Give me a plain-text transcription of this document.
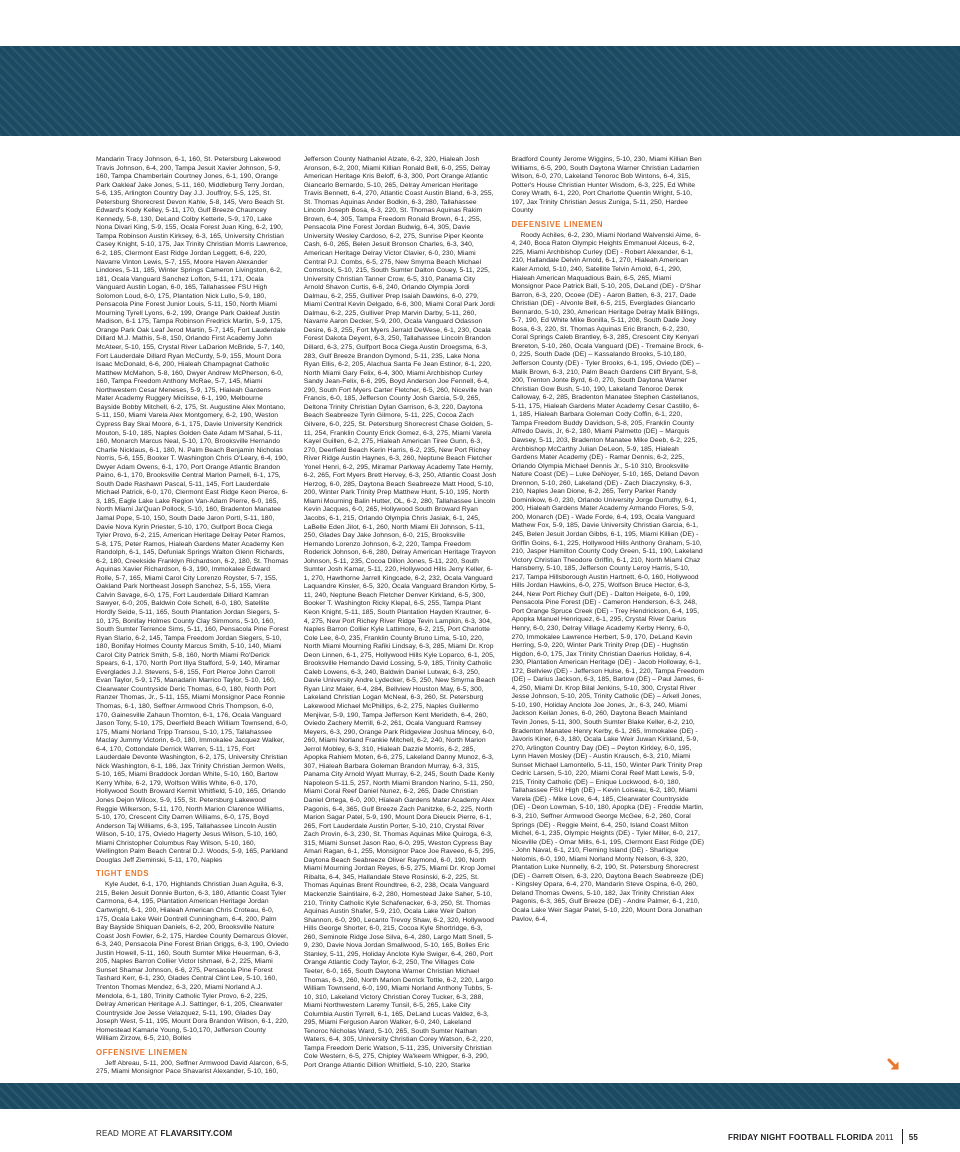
Mandarin Tracy Johnson, 6-1, 160, St. Petersburg Lakewood Travis Johnson, 6-4, 200, Tampa Jesuit Xavier Johnson, 5-9, 160, Tampa Chamberlain Courtney Jones, 6-1, 190, Orange Park Oakleaf Jake Jones, 5-11, 160, Middleburg Terry Jordan, 5-6, 135, Arlington Country Day J.J. Jouffroy, 5-5, 125, St. Petersburg Shorecrest Devon Kahle, 5-8, 145, Vero Beach St. Edward's Kody Kelley, 5-11, 170, Gulf Breeze Chauncey Kennedy, 5-8, 130, DeLand Colby Ketterle, 5-9, 170, Lake Nona Divari King, 5-9, 155, Ocala Forest Juan King, 6-2, 190, Tampa Robinson Austin Kirksey, 6-3, 165, University Christian Casey Knight, 5-10, 175, Jax Trinity Christian Morris Lawrence, 6-2, 185, Clermont East Ridge Jordan Leggett, 6-6, 220, Navarre Vinton Lewis, 5-7, 155, Moore Haven Alexander Lindores, 5-11, 185, Winter Springs Cameron Livingston, 6-2, 181, Ocala Vanguard Sanchez Lofton, 5-11, 171, Ocala Vanguard Austin Logan, 6-0, 165, Tallahassee FSU High Solomon Loud, 6-0, 175, Plantation Nick Lullo, 5-9, 180, Pensacola Pine Forest Junior Louis, 5-11, 150, North Miami Mourning Tyrell Lyons, 6-2, 199, Orange Park Oakleaf Justin Madison, 6-1 175, Tampa Robinson Fredrick Martin, 5-9, 175, Orange Park Oak Leaf Jerod Martin, 5-7, 145, Fort Lauderdale Dillard M.J. Mathis, 5-8, 150, Orlando First Academy John McAteer, 5-10, 155, Crystal River LaDarion McBride, 5-7, 140, Fort Lauderdale Dillard Ryan McCurdy, 5-9, 155, Mount Dora Isaac McDonald, 6-6, 200, Hialeah Champagnat Catholic Matthew McMahon, 5-8, 160, Dwyer Andrew McPherson, 6-0, 160, Tampa Freedom Anthony McRae, 5-7, 145, Miami Northwestern Cesar Meneses, 5-9, 175, Hialeah Gardens Mater Academy Ruggery Micilsse, 6-1, 190, Melbourne Bayside Bobby Mitchell, 6-2, 175, St. Augustine Alex Montano, 5-11, 150, Miami Varela Alex Montgomery, 6-2, 190, Weston Cypress Bay Skai Moore, 6-1, 175, Davie University Kendrick Mouton, 5-10, 185, Naples Golden Gate Adam M'Sahal, 5-11, 160, Monarch Marcus Neal, 5-10, 170, Brooksville Hernando Charlie Nicklaus, 6-1, 180, N. Palm Beach Benjamin Nicholas Norris, 5-6, 155, Booker T. Washington Chris O'Leary, 6-4, 190, Dwyer Adam Owens, 6-1, 170, Port Orange Atlantic Brandon Paino, 6-1, 170, Brooksville Central Marlon Parnell, 6-1, 175, South Dade Rashawn Pascal, 5-11, 145, Fort Lauderdale Michael Patrick, 6-0, 170, Clermont East Ridge Keon Pierce, 6-3, 185, Eagle Lake Lake Region Van-Adam Pierre, 6-0, 165, North Miami Ja'Quan Pollock, 5-10, 160, Bradenton Manatee Jamal Pope, 5-10, 150, South Dade Jaron Portl, 5-11, 180, Davie Nova Kyrin Priester, 5-10, 170, Gulfport Boca Ciega Tyler Provo, 6-2, 215, American Heritage Delray Peter Ramos, 5-8, 175, Peter Ramos, Hialeah Gardens Mater Academy Ken Randolph, 6-1, 145, Defuniak Springs Walton Glenn Richards, 6-2, 180, Creekside Franklyn Richardson, 6-2, 180, St. Thomas Aquinas Xavier Richardson, 6-3, 190, Immokalee Edward Rolle, 5-7, 165, Miami Carol City Lorenzo Royster, 5-7, 155, Oakland Park Northeast Joseph Sanchez, 5-5, 155, Viera Calvin Savage, 6-0, 175, Fort Lauderdale Dillard Kamran Sawyer, 6-0, 205, Baldwin Cole Schell, 6-0, 180, Satellite Hordly Seide, 5-11, 165, South Plantation Jordan Siegers, 5-10, 175, Bonifay Holmes County Clay Simmons, 5-10, 160, South Sumter Terrence Sims, 5-11, 160, Pensacola Pine Forest Ryan Slario, 6-2, 145, Tampa Freedom Jordan Siegers, 5-10, 180, Bonifay Holmes County Marcus Smith, 5-10, 140, Miami Carol City Patrick Smith, 5-8, 160, North Miami Ro'Derick Spears, 6-1, 170, North Port Illya Stafford, 5-9, 140, Miramar Everglades J.J. Stevens, 5-6, 155, Fort Pierce John Carroll Evan Taylor, 5-9, 175, Manadarin Marrico Taylor, 5-10, 160, Clearwater Countryside Deric Thomas, 6-0, 180, North Port Ranzer Thomas, Jr., 5-11, 155, Miami Monsignor Pace Ronnie Thomas, 6-1, 180, Seffner Armwood Chris Thompson, 6-0, 170, Gainesville Zahaun Thornton, 6-1, 176, Ocala Vanguard Jason Tony, 5-10, 175, Deerfield Beach William Townsend, 6-0, 175, Miami Norland Tripp Transou, 5-10, 175, Tallahassee Maclay Jummy Victorin, 6-0, 180, Immokalee Jacquez Walker, 6-4, 170, Cottondale Derrick Warren, 5-11, 175, Fort Lauderdale Devonte Washington, 6-2, 175, University Christian Nick Washington, 6-1, 186, Jax Trinity Christian Jermon Wells, 5-10, 165, Miami Braddock Jordan White, 5-10, 160, Bartow Kerry White, 6-2, 179, Wolfson Willis White, 6-0, 170, Hollywood South Broward Kermit Whitfield, 5-10, 165, Orlando Jones Dejon Wilcox, 5-9, 155, St. Petersburg Lakewood Reggie Wilkerson, 5-11, 170, North Marion Clarence Williams, 5-10, 170, Crescent City Darren Williams, 6-0, 175, Boyd Anderson Taj Williams, 6-3, 195, Tallahassee Lincoln Austin Wilson, 5-10, 175, Oviedo Hagerty Jesus Wilson, 5-10, 160, Miami Christopher Columbus Ray Wilson, 5-10, 160, Wellington Palm Beach Central D.J. Woods, 5-9, 165, Parkland Douglas Jeff Zieminski, 5-11, 170, Naples

TIGHT ENDS

Kyle Audet, 6-1, 170, Highlands Christian Juan Aguila, 6-3, 215, Belen Jesuit Donnie Burton, 6-3, 180, Atlantic Coast Tyler Carmona, 6-4, 195, Plantation American Heritage Jordan Cartwright, 6-1, 200, Hialeah American Chris Croteau, 6-0, 175, Ocala Lake Weir Dontrell Cunningham, 6-4, 200, Palm Bay Bayside Shiquan Daniels, 6-2, 200, Brooksville Nature Coast Josh Fowler, 6-2, 175, Hardee County Demarcus Glover, 6-3, 240, Pensacola Pine Forest Brian Griggs, 6-3, 190, Oviedo Justin Howell, 5-11, 160, South Sumter Mike Heuerman, 6-3, 205, Naples Barron Collier Victor Ishmael, 6-2, 225, Miami Sunset Shamar Johnson, 6-6, 275, Pensacola Pine Forest Tashard Kerr, 6-1, 230, Glades Central Clint Lee, 5-10, 160, Trenton Thomas Mendez, 6-3, 220, Miami Norland A.J. Mendola, 6-1, 180, Trinity Catholic Tyler Provo, 6-2, 225, Delray American Heritage A.J. Sattinger, 6-1, 205, Clearwater Countryside Joe Jesse Velazquez, 5-11, 190, Glades Day Joseph West, 5-11, 195, Mount Dora Brandon Wilson, 6-1, 220, Homestead Kamarie Young, 5-10,170, Jefferson County William Zirzow, 6-5, 210, Bolles

OFFENSIVE LINEMEN

Jeff Abreau, 5-11, 200, Seffner Armwood David Alarcon, 6-5, 275, Miami Monsignor Pace Shavarist Alexander, 5-10, 160, Jefferson County Nathaniel Alzate, 6-2, 320, Hialeah Josh Aronson, 6-2, 200, Miami Killian Ronald Bell, 6-0, 255, Delray American Heritage Kris Beloff, 6-3, 300, Port Orange Atlantic Giancarlo Bernardo, 5-10, 265, Delray American Heritage Travis Bennett, 6-4, 270, Atlantic Coast Austin Bland, 6-3, 255, St. Thomas Aquinas Ander Bodkin, 6-3, 280, Tallahassee Lincoln Joseph Bosa, 6-3, 220, St. Thomas Aquinas Rakim Brown, 6-4, 305, Tampa Freedom Ronald Brown, 6-1, 255, Pensacola Pine Forest Jordan Budwig, 6-4, 305, Davie University Wesley Cardoso, 6-2, 275, Sunrise Piper Keonte Cash, 6-0, 265, Belen Jesuit Bronson Charles, 6-3, 340, American Heritage Delray Victor Clavier, 6-0, 230, Miami Central P.J. Combs, 6-5, 275, New Smyrna Beach Michael Comstock, 5-10, 215, South Sumter Dalton Couey, 5-11, 225, University Christian Tanner Crow, 6-5, 310, Panama City Arnold Shavon Curtis, 6-6, 240, Orlando Olympia Jordi Dalmau, 6-2, 255, Gulliver Prep Isaiah Dawkins, 6-0, 279, Miami Central Kevin Delgado, 6-6, 300, Miami Coral Park Jordi Dalmau, 6-2, 225, Gulliver Prep Marvin Darby, 5-11, 260, Navarre Aaron Decker, 5-9, 200, Ocala Vanguard Odasson Desire, 6-3, 255, Fort Myers Jerrald DeWese, 6-1, 230, Ocala Forest Dakota Deyent, 6-3, 250, Tallahassee Lincoln Brandon Dillard, 6-3, 275, Gulfport Boca Ciega Austin Droegsma, 6-3, 283, Gulf Breeze Brandon Dymond, 5-11, 235, Lake Nona Ryan Ellis, 6-2, 205, Alachua Santa Fe Jean Estinor, 6-1, 220, North Miami Gary Felix, 6-4, 300, Miami Archbishop Curley Sandy Jean-Felix, 6-6, 295, Boyd Anderson Joe Fennell, 6-4, 290, South Fort Myers Carter Fletcher, 6-5, 260, Niceville Ivan Francis, 6-0, 185, Jefferson County Josh Garcia, 5-9, 265, Deltona Trinity Christian Dylan Garrison, 6-3, 220, Daytona Beach Seabreeze Tyrin Gilmore, 5-11, 225, Cocoa Zach Gilvere, 6-0, 225, St. Petersburg Shorecrest Chase Golden, 5-11, 254, Franklin County Erick Gomez, 6-3, 275, Miami Varela Kayel Guillen, 6-2, 275, Hialeah American Tiree Gunn, 6-3, 270, Deerfield Beach Kerin Harris, 6-2, 235, New Port Richey River Ridge Austin Haynes, 6-3, 260, Neptune Beach Fletcher Yonel Henri, 6-2, 295, Miramar Parkway Academy Tate Hernly, 6-2, 265, Fort Myers Brett Hervey, 6-3, 250, Atlantic Coast Josh Herzog, 6-0, 285, Daytona Beach Seabreeze Matt Hood, 5-10, 200, Winter Park Trinity Prep Matthew Hunt, 5-10, 195, North Miami Mourning Balin Hutter, OL, 6-2, 280, Tallahassee Lincoln Kevin Jacques, 6-0, 265, Hollywood South Broward Ryan Jacobs, 6-1, 215, Orlando Olympia Chris Jasiak, 6-1, 245, LaBelle Eden Jilot, 6-1, 260, North Miami Eli Johnson, 5-11, 250, Glades Day Jake Johnson, 6-0, 215, Brooksville Hernando Lorenzo Johnson, 6-2, 220, Tampa Freedom Roderick Johnson, 6-6, 280, Delray American Heritage Trayvon Johnson, 5-11, 235, Cocoa Dillon Jones, 5-11, 220, South Sumter Josh Kamar, 5-11, 220, Hollywood Hills Jerry Keller, 6-1, 270, Hawthorne Jarrell Kingcade, 6-2, 232, Ocala Vanguard Laquandre Kinsler, 6-5, 320, Ocala Vanguard Brandon Kirby, 5-11, 240, Neptune Beach Fletcher Denver Kirkland, 6-5, 300, Booker T. Washington Ricky Klepal, 6-5, 255, Tampa Plant Keon Knight, 5-11, 185, South Plantation Hayden Krautner, 6-4, 275, New Port Richey River Ridge Tevin Lampkin, 6-3, 304, Naples Barron Collier Kyle Lattimore, 6-2, 215, Port Charlotte Cole Lee, 6-0, 235, Franklin County Bruno Lima, 5-10, 220, North Miami Mourning Rafiki Lindsay, 6-3, 285, Miami Dr. Krop Deon Linnen, 6-1, 275, Hollywood Hills Kyle Loparco, 6-1, 205, Brooksville Hernando David Lossing, 5-9, 185, Trinity Catholic Caleb Lowens, 6-3, 240, Baldwin Daniel Lutwak, 6-3, 250, Davie University Andre Lydecker, 6-5, 250, New Smyrna Beach Ryan Linz Maier, 6-4, 284, Bellview Houston May, 6-5, 300, Lakeland Christian Logan McNeal, 6-3, 260, St. Petersburg Lakewood Michael McPhillips, 6-2, 275, Naples Guillermo Menjivar, 5-9, 190, Tampa Jefferson Kent Merideth, 6-4, 260, Oviedo Zachery Merrill, 6-2, 261, Ocala Vanguard Ramsey Meyers, 6-3, 290, Orange Park Ridgeview Joshua Mincey, 6-0, 260, Miami Norland Frankie Mitchell, 6-2, 240, North Marion Jerrol Mobley, 6-3, 310, Hialeah Dazzie Morris, 6-2, 285, Apopka Rahiem Moten, 6-6, 275, Lakeland Danny Munoz, 6-3, 307, Hialeah Barbara Goleman Brandon Murray, 6-3, 315, Panama City Arnold Wyatt Murray, 6-2, 245, South Dade Kenly Napoleon 5-11.5, 257, North Miami Brandon Narino, 5-11, 250, Miami Coral Reef Daniel Nunez, 6-2, 265, Dade Christian Daniel Ortega, 6-0, 200, Hialeah Gardens Mater Academy Alex Pagonis, 6-4, 365, Gulf Breeze Zach Panitzke, 6-2, 225, North Marion Sagar Patel, 5-9, 190, Mount Dora Dieucix Pierre, 6-1, 265, Fort Lauderdale Austin Porter, 5-10, 210, Crystal River Zach Provin, 6-3, 230, St. Thomas Aquinas Mike Quiroga, 6-3, 315, Miami Sunset Jason Rao, 6-0, 295, Weston Cypress Bay Amari Ragan, 6-1, 255, Monsignor Pace Joe Raveeo, 6-5, 295, Daytona Beach Seabreeze Oliver Raymond, 6-0, 190, North Miami Mourning Jordan Reyes, 6-5, 275, Miami Dr. Krop Jomel Ribalta, 6-4, 345, Hallandale Steve Rosinski, 6-2, 225, St. Thomas Aquinas Brent Roundtree, 6-2, 238, Ocala Vanguard Mackenzie Saintilaire, 6-2, 280, Homestead Jake Saher, 5-10, 210, Trinity Catholic Kyle Schafenacker, 6-3, 250, St. Thomas Aquinas Austin Shafer, 5-9, 210, Ocala Lake Weir Dalton Shannon, 6-0, 290, Lecanto Trevoy Shaw, 6-2, 320, Hollywood Hills George Shorter, 6-0, 215, Cocoa Kyle Shortridge, 6-3, 260, Seminole Ridge Jose Silva, 6-4, 280, Largo Matt Snell, 5-9, 230, Davie Nova Jordan Smallwood, 5-10, 165, Bolles Eric Stanley, 5-11, 295, Holiday Anclote Kyle Swiger, 6-4, 260, Port Orange Atlantic Cody Taylor, 6-2, 250, The Villages Cole Teeter, 6-0, 165, South Daytona Warner Christian Michael Thomas, 6-3, 260, North Marion Derrick Tottle, 6-2, 220, Largo William Townsend, 6-0, 190, Miami Norland Anthony Tubbs, 5-10, 310, Lakeland Victory Christian Corey Tucker, 6-3, 288, Miami Northwestern Laremy Tunsil, 6-5, 265, Lake City Columbia Austin Tyrrell, 6-1, 165, DeLand Lucas Valdez, 6-3, 295, Miami Ferguson Aaron Walker, 6-0, 240, Lakeland Tenoroc Nicholas Ward, 5-10, 265, South Sumter Nathan Waters, 6-4, 305, University Christian Corey Watson, 6-2, 220, Tampa Freedom Deric Watson, 5-11, 235, University Christian Cole Western, 6-5, 275, Chipley Wa'keem Whigper, 6-3, 290, Port Orange Atlantic Dillion Whitfield, 5-10, 220, Starke Bradford County Jerome Wiggins, 5-10, 230, Miami Killian Ben Williams, 6-5, 290, South Daytona Warner Christian Ladarrien Wilson, 6-0, 270, Lakeland Tenoroc Bob Wintons, 6-4, 315, Potter's House Christian Hunter Wisdom, 6-3, 225, Ed White Corey Wrath, 6-1, 220, Port Charlotte Quentin Wright, 5-10, 197, Jax Trinity Christian Jesus Zuniga, 5-11, 250, Hardee County

DEFENSIVE LINEMEN

Roody Achiles, 6-2, 230, Miami Norland Walvenski Aime, 6-4, 240, Boca Raton Olympic Heights Emmanuel Alceus, 6-2, 225, Miami Archbishop Curley (DE) - Robert Alexander, 6-1, 210, Hallandale Delvin Arnold, 6-1, 270, Hialeah American Kaler Arnold, 5-10, 240, Satellite Telvin Arnold, 6-1, 290, Hialeah American Maquadious Bain, 6-5, 265, Miami Monsignor Pace Patrick Ball, 5-10, 205, DeLand (DE) - D'Shar Barron, 6-3, 220, Ocoee (DE) - Aaron Batten, 6-3, 217, Dade Christian (DE) - Alvonte Bell, 6-5, 215, Everglades Giancarlo Bennardo, 5-10, 230, American Heritage Delray Malik Billings, 5-7, 190, Ed White Mike Bonilla, 5-11, 208, South Dade Joey Bosa, 6-3, 220, St. Thomas Aquinas Eric Branch, 6-2, 230, Coral Springs Caleb Brantley, 6-3, 285, Crescent City Kenyari Brereton, 5-10, 260, Ocala Vanguard (DE) - Tremaine Brock, 6-0, 225, South Dade (DE) – Kassalando Brooks, 5-10,180, Jefferson County (DE) - Tyler Brooks, 6-1, 195, Oviedo (DE) – Malik Brown, 6-3, 210, Palm Beach Gardens Cliff Bryant, 5-8, 200, Trenton Jonte Byrd, 6-0, 270, South Daytona Warner Christian Gow Bush, 5-10, 190, Lakeland Tenoroc Derek Calloway, 6-2, 285, Bradenton Manatee Stephen Castellanos, 5-11, 175, Hialeah Gardens Mater Academy Cesar Castillo, 6-1, 185, Hialeah Barbara Goleman Cody Coffin, 6-1, 220, Tampa Freedom Buddy Davidson, 5-8, 205, Franklin County Alfredo Davis, Jr, 6-2, 180, Miami Palmetto (DE) – Marquis Dawsey, 5-11, 203, Bradenton Manatee Mike Deeb, 6-2, 225, Archbishop McCarthy Julian DeLeon, 5-9, 185, Hialeah Gardens Mater Academy (DE) - Ramar Dennis, 6-2, 225, Orlando Olympia Michael Dennis Jr., 5-10 310, Brooksville Nature Coast (DE) – Luke DeNoyer, 5-10, 165, Deland Devon Drennon, 5-10, 260, Lakeland (DE) - Zach Diaczynsky, 6-3, 210, Naples Jean Dione, 6-2, 265, Terry Parker Randy Dominikow, 6-0, 230, Orlando University Jorge Durruthy, 6-1, 200, Hialeah Gardens Mater Academy Armando Flores, 5-9, 200, Monarch (DE) - Wade Forde, 6-4, 193, Ocala Vanguard Mathew Fox, 5-9, 185, Davie University Christian Garcia, 6-1, 245, Belen Jesuit Jordan Gibbs, 6-1, 195, Miami Killian (DE) - Griffin Goins, 6-1, 225, Hollywood Hills Anthony Graham, 5-10, 210, Jasper Hamilton County Cody Green, 5-11, 190, Lakeland Victory Christian Theodore Griffin, 6-1, 210, North Miami Chaz Hansberry, 5-10, 185, Jefferson County Leroy Harris, 5-10, 217, Tampa Hillsborough Austin Hartnett, 6-0, 160, Hollywood Hills Jordan Hawkins, 6-0, 275, Wolfson Bruce Hector, 6-3, 244, New Port Richey Gulf (DE) - Dalton Heigete, 6-0, 199, Pensacola Pine Forest (DE) - Cameron Henderson, 6-3, 248, Port Orange Spruce Creek (DE) - Trey Hendrickson, 6-4, 195, Apopka Manuel Henriquez, 6-1, 295, Crystal River Darius Henry, 6-0, 230, Delray Village Academy Kerby Henry, 6-0, 270, Immokalee Lawrence Herbert, 5-9, 170, DeLand Kevin Herring, 5-9, 220, Winter Park Trinity Prep (DE) - Hughstin Higdon, 6-0, 175, Jax Trinity Christian Daerius Holiday, 6-4, 230, Plantation American Heritage (DE) - Jacob Holloway, 6-1, 172, Bellview (DE) - Jefferson Hulse, 6-1, 220, Tampa Freedom (DE) – Darius Jackson, 6-3, 185, Bartow (DE) – Paul James, 6-4, 250, Miami Dr. Krop Bilal Jenkins, 5-10, 300, Crystal River Jesse Johnson, 5-10, 205, Trinity Catholic (DE) – Arkell Jones, 5-10, 190, Holiday Anclote Joe Jones, Jr., 6-3, 240, Miami Jackson Keilan Jones, 6-0, 260, Daytona Beach Mainland Tevin Jones, 5-11, 300, South Sumter Blake Keller, 6-2, 210, Bradenton Manatee Henry Kerby, 6-1, 265, Immokalee (DE) - Javoris Kiner, 6-3, 180, Ocala Lake Weir Juwan Kirkland, 5-9, 270, Arlington Country Day (DE) – Peyton Kirkley, 6-0, 195, Lynn Haven Mosley (DE) - Austin Krausch, 6-3, 210, Miami Sunset Michael Lamontello, 5-11, 150, Winter Park Trinity Prep Cedric Larsen, 5-10, 220, Miami Coral Reef Matt Lewis, 5-9, 215, Trinity Catholic (DE) – Enique Lockwood, 6-0, 180, Tallahassee FSU High (DE) – Kevin Loiseau, 6-2, 180, Miami Varela (DE) - Mike Love, 6-4, 185, Clearwater Countryside (DE) - Deon Lowman, 5-10, 180, Apopka (DE) - Freddie Martin, 6-3, 210, Seffner Armwood George McGee, 6-2, 260, Coral Springs (DE) - Reggie Meint, 6-4, 250, Island Coast Milton Michel, 6-1, 235, Olympic Heights (DE) - Tyler Miller, 6-0, 217, Niceville (DE) - Omar Mills, 6-1, 195, Clermont East Ridge (DE) - John Naval, 6-1, 210, Fleming Island (DE) - Sharlique Nelomis, 6-0, 190, Miami Norland Monty Nelson, 6-3, 320, Plantation Luke Nunnelly, 6-2, 190, St. Petersburg Shorecrest (DE) - Garrett Olsen, 6-3, 220, Daytona Beach Seabreeze (DE) - Kingsley Opara, 6-4, 270, Mandarin Steve Ospina, 6-0, 260, Deland Thomas Owens, 5-10, 182, Jax Trinity Christian Alex Pagonis, 6-3, 365, Gulf Breeze (DE) - Andre Palmer, 6-1, 210, Ocala Lake Weir Sagar Patel, 5-10, 220, Mount Dora Jonathan Pavlov, 6-4,

READ MORE AT FLAVARSITY.COM	FRIDAY NIGHT FOOTBALL FLORIDA 2011 55
